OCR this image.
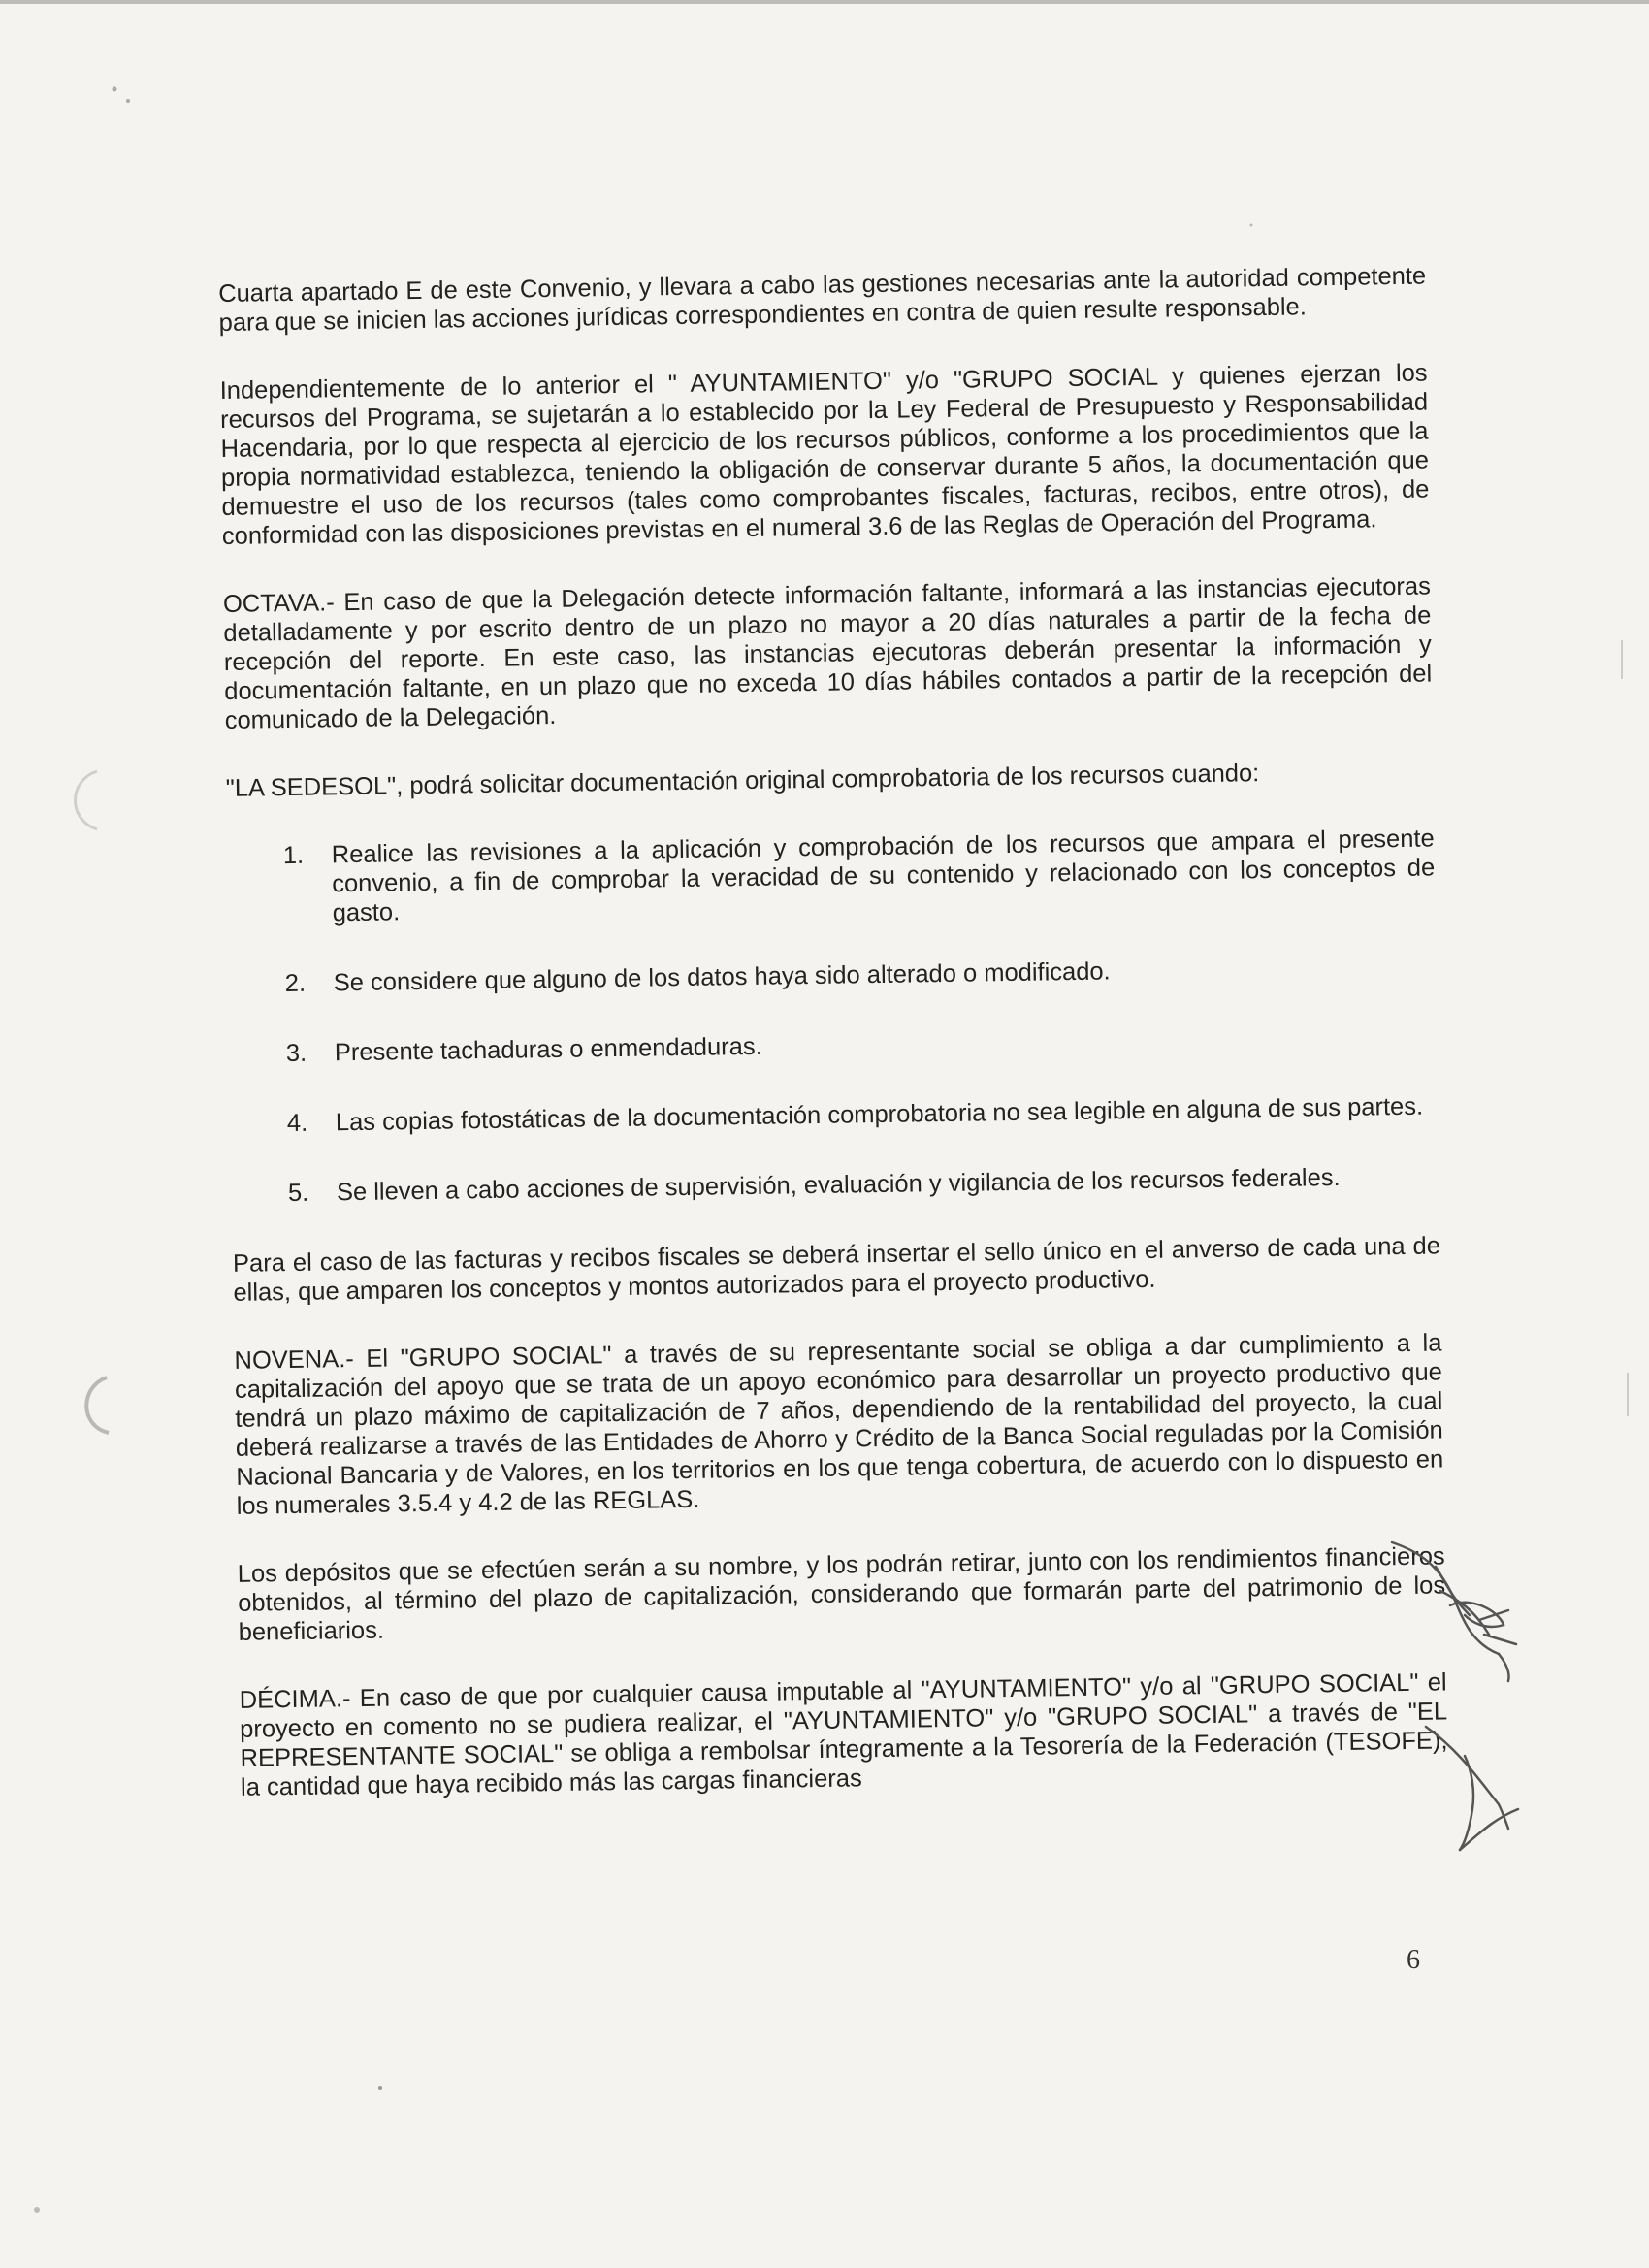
Cuarta apartado E de este Convenio, y llevara a cabo las gestiones necesarias ante la autoridad competente para que se inicien las acciones jurídicas correspondientes en contra de quien resulte responsable.

Independientemente de lo anterior el " AYUNTAMIENTO" y/o "GRUPO SOCIAL y quienes ejerzan los recursos del Programa, se sujetarán a lo establecido por la Ley Federal de Presupuesto y Responsabilidad Hacendaria, por lo que respecta al ejercicio de los recursos públicos, conforme a los procedimientos que la propia normatividad establezca, teniendo la obligación de conservar durante 5 años, la documentación que demuestre el uso de los recursos (tales como comprobantes fiscales, facturas, recibos, entre otros), de conformidad con las disposiciones previstas en el numeral 3.6 de las Reglas de Operación del Programa.

OCTAVA.- En caso de que la Delegación detecte información faltante, informará a las instancias ejecutoras detalladamente y por escrito dentro de un plazo no mayor a 20 días naturales a partir de la fecha de recepción del reporte. En este caso, las instancias ejecutoras deberán presentar la información y documentación faltante, en un plazo que no exceda 10 días hábiles contados a partir de la recepción del comunicado de la Delegación.

"LA SEDESOL", podrá solicitar documentación original comprobatoria de los recursos cuando:

1. Realice las revisiones a la aplicación y comprobación de los recursos que ampara el presente convenio, a fin de comprobar la veracidad de su contenido y relacionado con los conceptos de gasto.
2. Se considere que alguno de los datos haya sido alterado o modificado.
3. Presente tachaduras o enmendaduras.
4. Las copias fotostáticas de la documentación comprobatoria no sea legible en alguna de sus partes.
5. Se lleven a cabo acciones de supervisión, evaluación y vigilancia de los recursos federales.

Para el caso de las facturas y recibos fiscales se deberá insertar el sello único en el anverso de cada una de ellas, que amparen los conceptos y montos autorizados para el proyecto productivo.

NOVENA.- El "GRUPO SOCIAL" a través de su representante social se obliga a dar cumplimiento a la capitalización del apoyo que se trata de un apoyo económico para desarrollar un proyecto productivo que tendrá un plazo máximo de capitalización de 7 años, dependiendo de la rentabilidad del proyecto, la cual deberá realizarse a través de las Entidades de Ahorro y Crédito de la Banca Social reguladas por la Comisión Nacional Bancaria y de Valores, en los territorios en los que tenga cobertura, de acuerdo con lo dispuesto en los numerales 3.5.4 y 4.2 de las REGLAS.

Los depósitos que se efectúen serán a su nombre, y los podrán retirar, junto con los rendimientos financieros obtenidos, al término del plazo de capitalización, considerando que formarán parte del patrimonio de los beneficiarios.

DÉCIMA.- En caso de que por cualquier causa imputable al "AYUNTAMIENTO" y/o al "GRUPO SOCIAL" el proyecto en comento no se pudiera realizar, el "AYUNTAMIENTO" y/o "GRUPO SOCIAL" a través de "EL REPRESENTANTE SOCIAL" se obliga a rembolsar íntegramente a la Tesorería de la Federación (TESOFE), la cantidad que haya recibido más las cargas financieras

6
